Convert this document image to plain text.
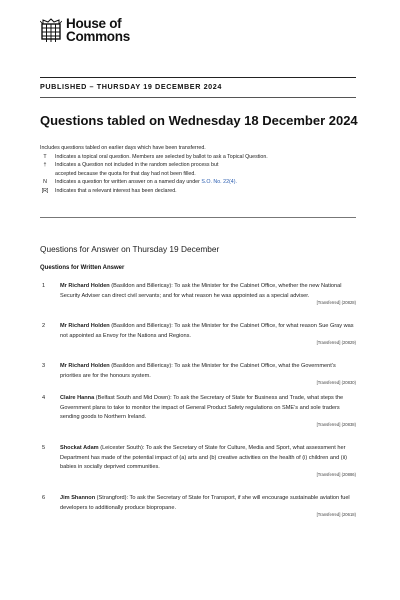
House of
Commons
PUBLISHED – THURSDAY 19 DECEMBER 2024
Questions tabled on Wednesday 18 December 2024
Includes questions tabled on earlier days which have been transferred.
T	Indicates a topical oral question. Members are selected by ballot to ask a Topical Question.
†	Indicates a Question not included in the random selection process but
accepted because the quota for that day had not been filled.
N	Indicates a question for written answer on a named day under S.O. No. 22(4).
[R]	Indicates that a relevant interest has been declared.
Questions for Answer on Thursday 19 December
Questions for Written Answer
1	Mr Richard Holden (Basildon and Billericay): To ask the Minister for the Cabinet Office, whether the new National Security Adviser can direct civil servants; and for what reason he was appointed as a special adviser.
[Transferred] (20828)
2	Mr Richard Holden (Basildon and Billericay): To ask the Minister for the Cabinet Office, for what reason Sue Gray was not appointed as Envoy for the Nations and Regions.
[Transferred] (20829)
3	Mr Richard Holden (Basildon and Billericay): To ask the Minister for the Cabinet Office, what the Government’s priorities are for the honours system.
[Transferred] (20830)
4	Claire Hanna (Belfast South and Mid Down): To ask the Secretary of State for Business and Trade, what steps the Government plans to take to monitor the impact of General Product Safety regulations on SME’s and sole traders sending goods to Northern Ireland.
[Transferred] (20838)
5	Shockat Adam (Leicester South): To ask the Secretary of State for Culture, Media and Sport, what assessment her Department has made of the potential impact of (a) arts and (b) creative activities on the health of (i) children and (ii) babies in socially deprived communities.
[Transferred] (20886)
6	Jim Shannon (Strangford): To ask the Secretary of State for Transport, if she will encourage sustainable aviation fuel developers to additionally produce biopropane.
[Transferred] (20618)
